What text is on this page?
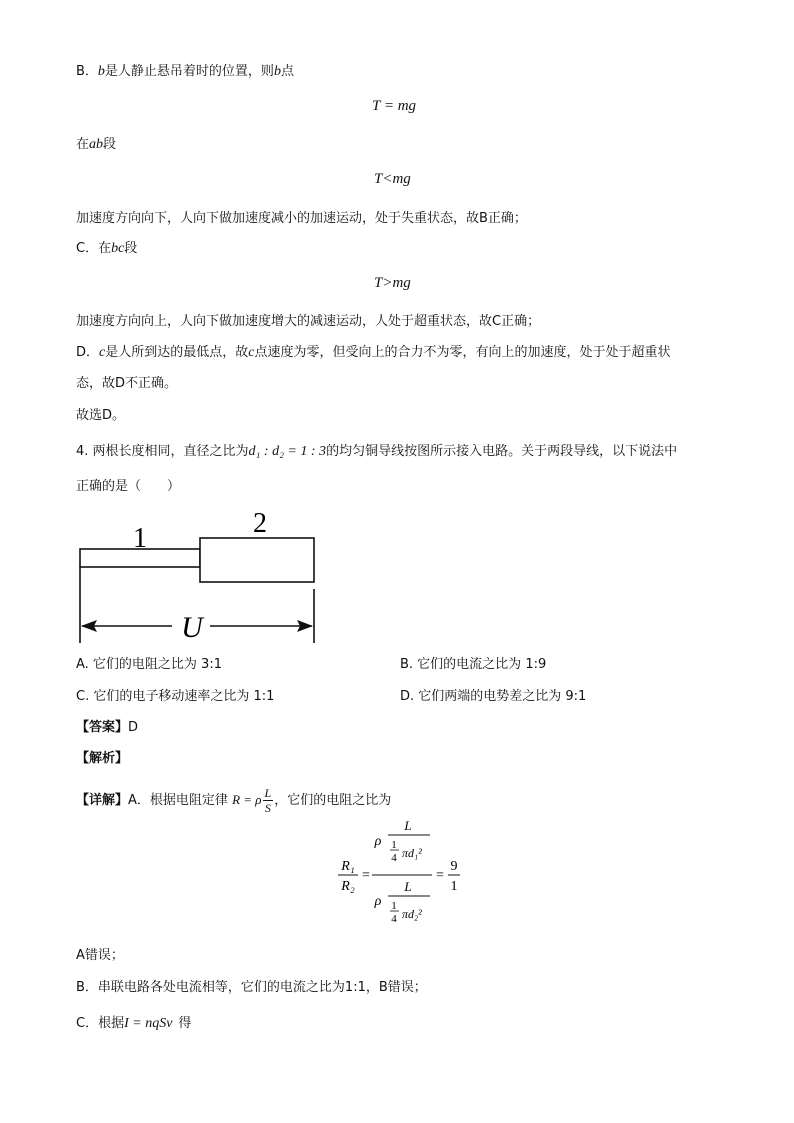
B．b是人静止悬吊着时的位置，则b点
T = mg
在ab段
T<mg
加速度方向向下，人向下做加速度减小的加速运动，处于失重状态，故B正确；
C．在bc段
T>mg
加速度方向向上，人向下做加速度增大的减速运动，人处于超重状态，故C正确；
D．c是人所到达的最低点，故c点速度为零，但受向上的合力不为零，有向上的加速度，处于处于超重状
态，故D不正确。
故选D。
4. 两根长度相同，直径之比为d₁ : d₂ = 1 : 3的均匀铜导线按图所示接入电路。关于两段导线，以下说法中
正确的是（　　）
1	2
U
A. 它们的电阻之比为 3:1	B. 它们的电流之比为 1:9
C. 它们的电子移动速率之比为 1:1	D. 它们两端的电势差之比为 9:1
【答案】D
【解析】
【详解】A．根据电阻定律 R = ρ $\frac{L}{S}$ ，它们的电阻之比为
R₁
R₂
=
ρ
L
1
4 πd₁²
ρ
L
1
4 πd₂²
=
9
1
A错误；
B．串联电路各处电流相等，它们的电流之比为1:1，B错误；
C．根据I = nqSv 得
